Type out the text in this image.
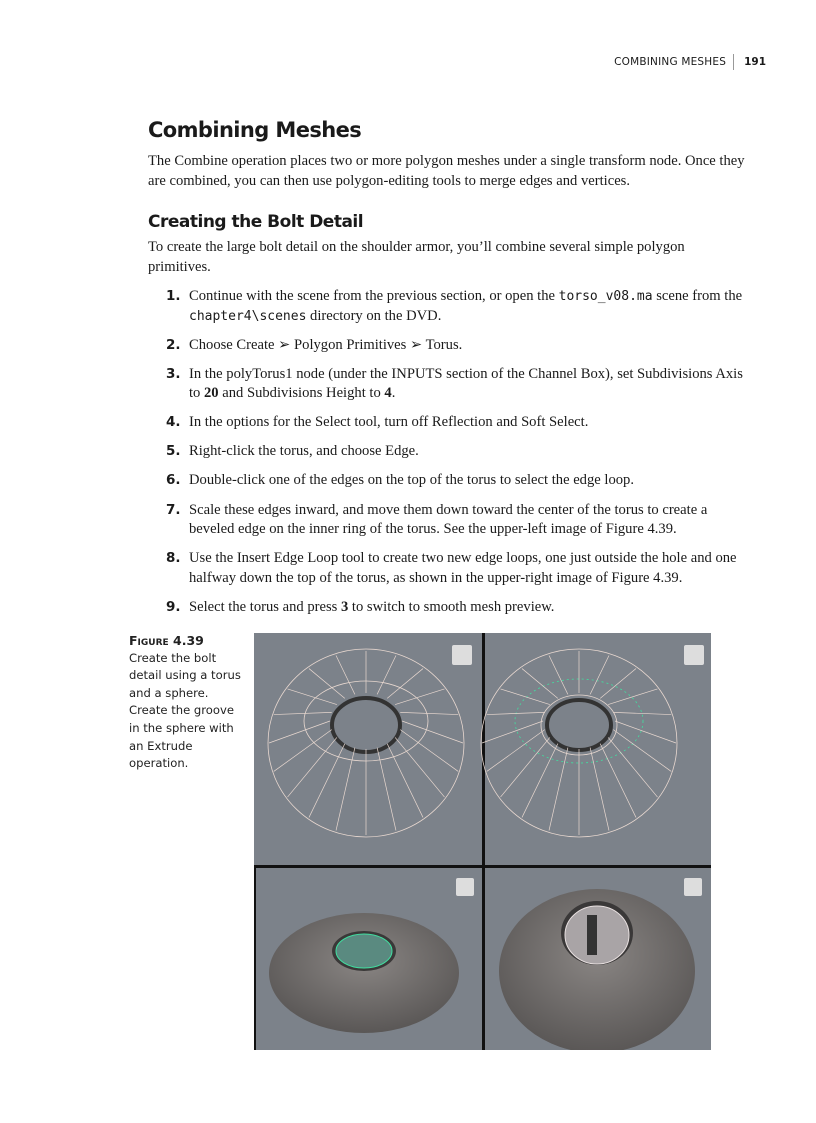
COMBINING MESHES	191
Combining Meshes
The Combine operation places two or more polygon meshes under a single transform node. Once they are combined, you can then use polygon-editing tools to merge edges and vertices.
Creating the Bolt Detail
To create the large bolt detail on the shoulder armor, you’ll combine several simple polygon primitives.
1. Continue with the scene from the previous section, or open the torso_v08.ma scene from the chapter4\scenes directory on the DVD.
2. Choose Create ➢ Polygon Primitives ➢ Torus.
3. In the polyTorus1 node (under the INPUTS section of the Channel Box), set Subdivisions Axis to 20 and Subdivisions Height to 4.
4. In the options for the Select tool, turn off Reflection and Soft Select.
5. Right-click the torus, and choose Edge.
6. Double-click one of the edges on the top of the torus to select the edge loop.
7. Scale these edges inward, and move them down toward the center of the torus to create a beveled edge on the inner ring of the torus. See the upper-left image of Figure 4.39.
8. Use the Insert Edge Loop tool to create two new edge loops, one just outside the hole and one halfway down the top of the torus, as shown in the upper-right image of Figure 4.39.
9. Select the torus and press 3 to switch to smooth mesh preview.
Figure 4.39
Create the bolt detail using a torus and a sphere. Create the groove in the sphere with an Extrude operation.
